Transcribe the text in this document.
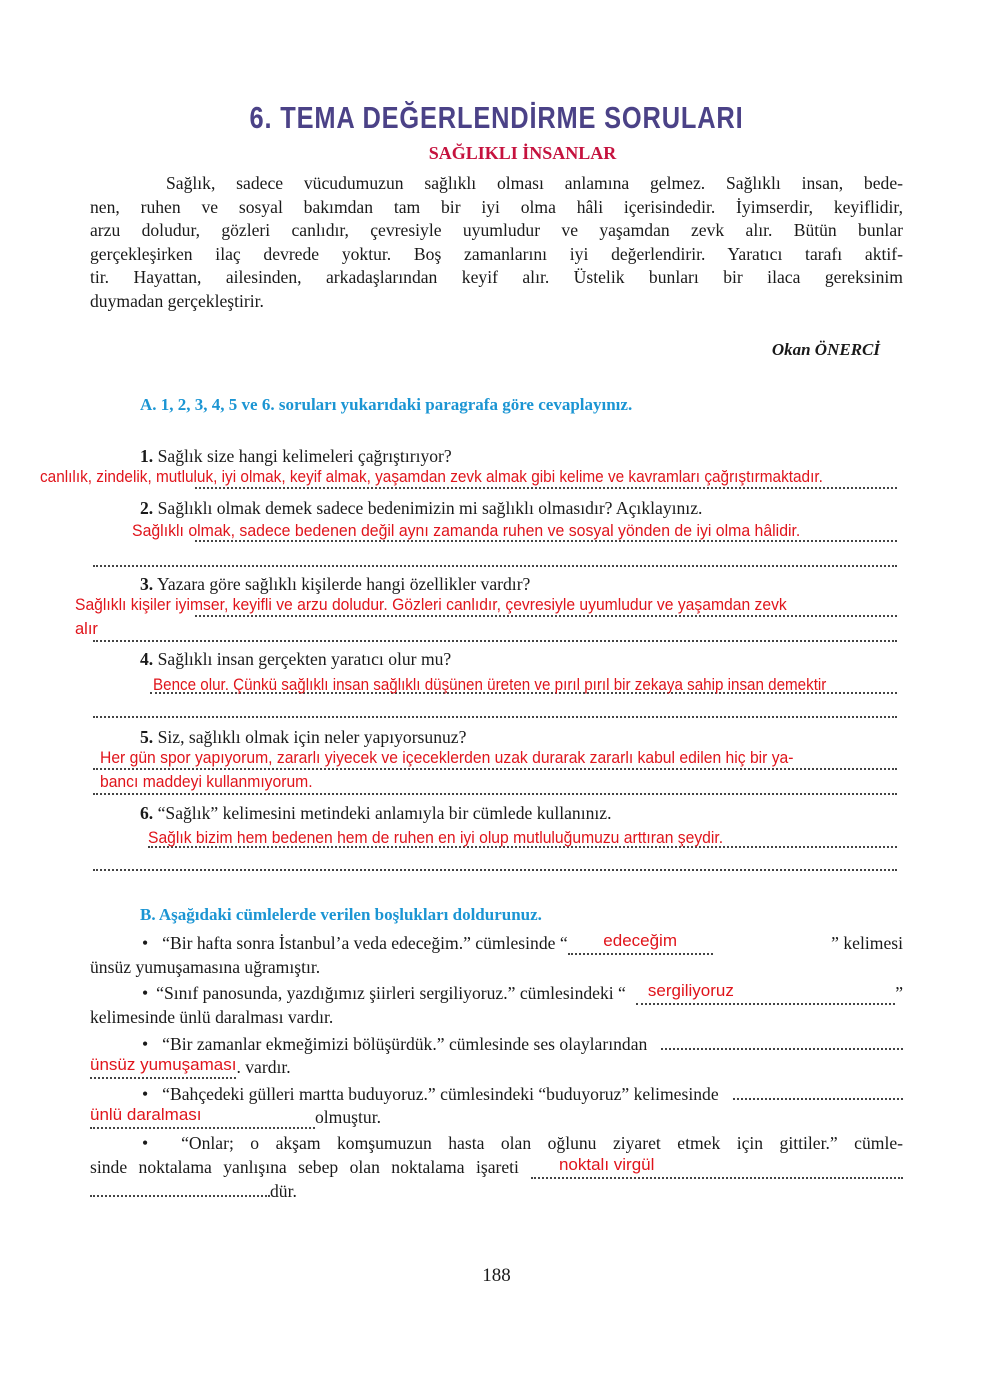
6. TEMA DEĞERLENDİRME SORULARI
SAĞLIKLI İNSANLAR
Sağlık, sadece vücudumuzun sağlıklı olması anlamına gelmez. Sağlıklı insan, bede-
nen, ruhen ve sosyal bakımdan tam bir iyi olma hâli içerisindedir. İyimserdir, keyiflidir,
arzu doludur, gözleri canlıdır, çevresiyle uyumludur ve yaşamdan zevk alır. Bütün bunlar
gerçekleşirken ilaç devrede yoktur. Boş zamanlarını iyi değerlendirir. Yaratıcı tarafı aktif-
tir. Hayattan, ailesinden, arkadaşlarından keyif alır. Üstelik bunları bir ilaca gereksinim
duymadan gerçekleştirir.
Okan ÖNERCİ
A. 1, 2, 3, 4, 5 ve 6. soruları yukarıdaki paragrafa göre cevaplayınız.
1. Sağlık size hangi kelimeleri çağrıştırıyor?
canlılık, zindelik, mutluluk, iyi olmak, keyif almak, yaşamdan zevk almak gibi kelime ve kavramları çağrıştırmaktadır.
2. Sağlıklı olmak demek sadece bedenimizin mi sağlıklı olmasıdır? Açıklayınız.
Sağlıklı olmak, sadece bedenen değil aynı zamanda ruhen ve sosyal yönden de iyi olma hâlidir.
3. Yazara göre sağlıklı kişilerde hangi özellikler vardır?
Sağlıklı kişiler iyimser, keyifli ve arzu doludur. Gözleri canlıdır, çevresiyle uyumludur ve yaşamdan zevk
alır
4. Sağlıklı insan gerçekten yaratıcı olur mu?
Bence olur. Çünkü sağlıklı insan sağlıklı düşünen üreten ve pırıl pırıl bir zekaya sahip insan demektir
5. Siz, sağlıklı olmak için neler yapıyorsunuz?
Her gün spor yapıyorum, zararlı yiyecek ve içeceklerden uzak durarak zararlı kabul edilen hiç bir ya-
bancı maddeyi kullanmıyorum.
6. “Sağlık” kelimesini metindeki anlamıyla bir cümlede kullanınız.
Sağlık bizim hem bedenen hem de ruhen en iyi olup mutluluğumuzu arttıran şeydir.
B. Aşağıdaki cümlelerde verilen boşlukları doldurunuz.
• “Bir hafta sonra İstanbul’a veda edeceğim.” cümlesinde “	edeceğim	” kelimesi
ünsüz yumuşamasına uğramıştır.
• “Sınıf panosunda, yazdığımız şiirleri sergiliyoruz.” cümlesindeki “	sergiliyoruz	”
kelimesinde ünlü daralması vardır.
• “Bir zamanlar ekmeğimizi bölüşürdük.” cümlesinde ses olaylarından
ünsüz yumuşaması . vardır.
• “Bahçedeki gülleri martta buduyoruz.” cümlesindeki “buduyoruz” kelimesinde
ünlü daralması	olmuştur.
• “Onlar; o akşam komşumuzun hasta olan oğlunu ziyaret etmek için gittiler.” cümle-
sinde noktalama yanlışına sebep olan noktalama işareti	noktalı virgül
dür.
188
